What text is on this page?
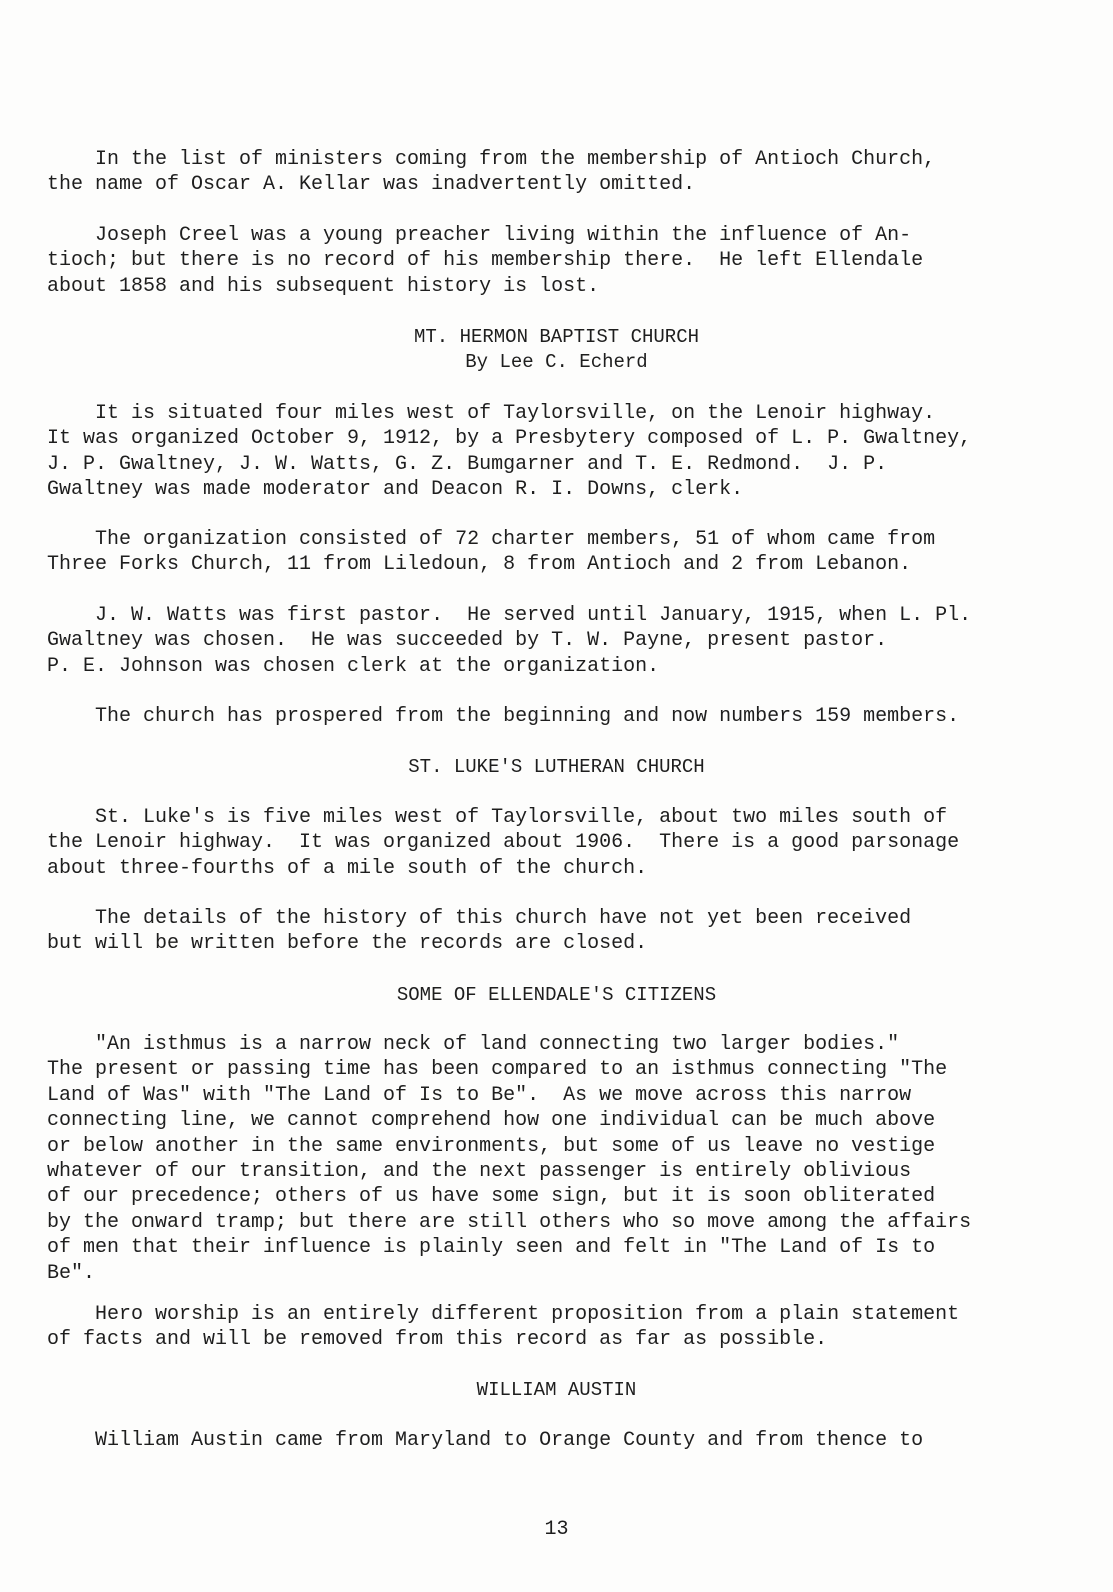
In the list of ministers coming from the membership of Antioch Church,
the name of Oscar A. Kellar was inadvertently omitted.

Joseph Creel was a young preacher living within the influence of An-
tioch; but there is no record of his membership there.  He left Ellendale
about 1858 and his subsequent history is lost.

MT. HERMON BAPTIST CHURCH

By Lee C. Echerd

It is situated four miles west of Taylorsville, on the Lenoir highway.
It was organized October 9, 1912, by a Presbytery composed of L. P. Gwaltney,
J. P. Gwaltney, J. W. Watts, G. Z. Bumgarner and T. E. Redmond.  J. P.
Gwaltney was made moderator and Deacon R. I. Downs, clerk.

The organization consisted of 72 charter members, 51 of whom came from
Three Forks Church, 11 from Liledoun, 8 from Antioch and 2 from Lebanon.

J. W. Watts was first pastor.  He served until January, 1915, when L. Pl.
Gwaltney was chosen.  He was succeeded by T. W. Payne, present pastor.
P. E. Johnson was chosen clerk at the organization.

The church has prospered from the beginning and now numbers 159 members.

ST. LUKE'S LUTHERAN CHURCH

St. Luke's is five miles west of Taylorsville, about two miles south of
the Lenoir highway.  It was organized about 1906.  There is a good parsonage
about three-fourths of a mile south of the church.

The details of the history of this church have not yet been received
but will be written before the records are closed.

SOME OF ELLENDALE'S CITIZENS

"An isthmus is a narrow neck of land connecting two larger bodies."
The present or passing time has been compared to an isthmus connecting "The
Land of Was" with "The Land of Is to Be".  As we move across this narrow
connecting line, we cannot comprehend how one individual can be much above
or below another in the same environments, but some of us leave no vestige
whatever of our transition, and the next passenger is entirely oblivious
of our precedence; others of us have some sign, but it is soon obliterated
by the onward tramp; but there are still others who so move among the affairs
of men that their influence is plainly seen and felt in "The Land of Is to
Be".

Hero worship is an entirely different proposition from a plain statement
of facts and will be removed from this record as far as possible.

WILLIAM AUSTIN

William Austin came from Maryland to Orange County and from thence to

13
